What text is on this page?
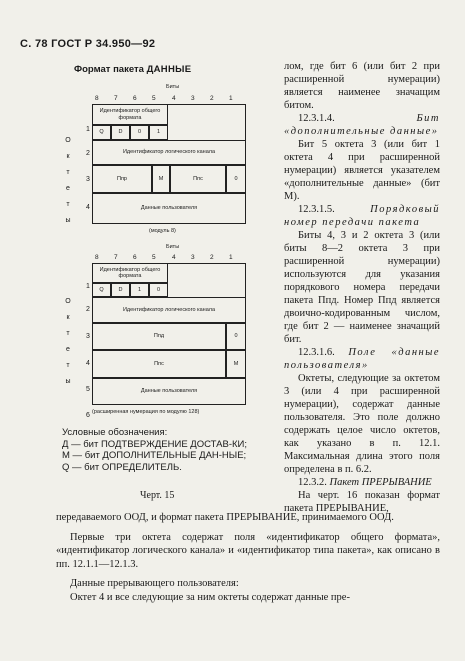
С. 78 ГОСТ Р 34.950—92
Формат пакета ДАННЫЕ
Биты
8 7 6 5	4 3 2 1
О
к
т
е
т
ы
1
2
3
4
Идентификатор общего формата
Q	D	0	1
Идентификатор логического канала
Ппр	М	Ппс	0
Данные пользователя
(модуль 8)
Биты
8 7 6 5	4 3 2 1
О
к
т
е
т
ы
1
2
3
4
5
6
Идентификатор общего формата
Q	D	1	0
Идентификатор логического канала
Ппд	0
Ппс	M
Данные пользователя
(расширенная нумерация по модулю 128)
Условные обозначения:
Д — бит ПОДТВЕРЖДЕНИЕ ДОСТАВ-КИ;
М — бит ДОПОЛНИТЕЛЬНЫЕ ДАН-НЫЕ;
Q — бит ОПРЕДЕЛИТЕЛЬ.
Черт. 15

лом, где бит 6 (или бит 2 при расширенной нумерации) является наименее значащим битом.

12.3.1.4.	Бит «дополнительные данные»

Бит 5 октета 3 (или бит 1 октета 4 при расширенной нумерации) является указателем «дополнительные данные» (бит М).

12.3.1.5.	Порядковый номер передачи пакета

Биты 4, 3 и 2 октета 3 (или биты 8—2 октета 3 при расширенной нумерации) используются для указания порядкового номера передачи пакета Ппд. Номер Ппд является двоично-кодированным числом, где бит 2 — наименее значащий бит.

12.3.1.6. Поле «данные пользователя»

Октеты, следующие за октетом 3 (или 4 при расширенной нумерации), содержат данные пользователя. Это поле должно содержать целое число октетов, как указано в п. 12.1. Максимальная длина этого поля определена в п. 6.2.

12.3.2. Пакет ПРЕРЫВАНИЕ

На черт. 16 показан формат пакета ПРЕРЫВАНИЕ,

передаваемого ООД, и формат пакета ПРЕРЫВАНИЕ, принимаемого ООД.

Первые три октета содержат поля «идентификатор общего формата», «идентификатор логического канала» и «идентификатор типа пакета», как описано в пп. 12.1.1—12.1.3.

Данные прерывающего пользователя:

Октет 4 и все следующие за ним октеты содержат данные пре-
